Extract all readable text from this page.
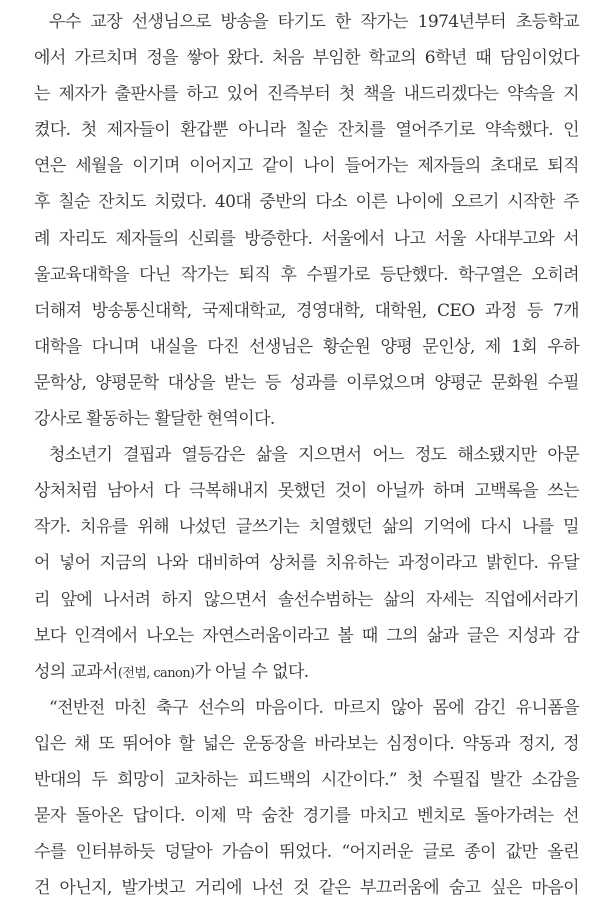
우수 교장 선생님으로 방송을 타기도 한 작가는 1974년부터 초등학교
에서 가르치며 정을 쌓아 왔다. 처음 부임한 학교의 6학년 때 담임이었다
는 제자가 출판사를 하고 있어 진즉부터 첫 책을 내드리겠다는 약속을 지
켰다. 첫 제자들이 환갑뿐 아니라 칠순 잔치를 열어주기로 약속했다. 인
연은 세월을 이기며 이어지고 같이 나이 들어가는 제자들의 초대로 퇴직
후 칠순 잔치도 치렀다. 40대 중반의 다소 이른 나이에 오르기 시작한 주
례 자리도 제자들의 신뢰를 방증한다. 서울에서 나고 서울 사대부고와 서
울교육대학을 다닌 작가는 퇴직 후 수필가로 등단했다. 학구열은 오히려
더해져 방송통신대학, 국제대학교, 경영대학, 대학원, CEO 과정 등 7개
대학을 다니며 내실을 다진 선생님은 황순원 양평 문인상, 제 1회 우하
문학상, 양평문학 대상을 받는 등 성과를 이루었으며 양평군 문화원 수필
강사로 활동하는 활달한 현역이다.
청소년기 결핍과 열등감은 삶을 지으면서 어느 정도 해소됐지만 아문
상처처럼 남아서 다 극복해내지 못했던 것이 아닐까 하며 고백록을 쓰는
작가. 치유를 위해 나섰던 글쓰기는 치열했던 삶의 기억에 다시 나를 밀
어 넣어 지금의 나와 대비하여 상처를 치유하는 과정이라고 밝힌다. 유달
리 앞에 나서려 하지 않으면서 솔선수범하는 삶의 자세는 직업에서라기
보다 인격에서 나오는 자연스러움이라고 볼 때 그의 삶과 글은 지성과 감
성의 교과서(전범, canon)가 아닐 수 없다.
“전반전 마친 축구 선수의 마음이다. 마르지 않아 몸에 감긴 유니폼을
입은 채 또 뛰어야 할 넓은 운동장을 바라보는 심정이다. 약동과 정지, 정
반대의 두 희망이 교차하는 피드백의 시간이다.” 첫 수필집 발간 소감을
묻자 돌아온 답이다. 이제 막 숨찬 경기를 마치고 벤치로 돌아가려는 선
수를 인터뷰하듯 덩달아 가슴이 뛰었다. “어지러운 글로 종이 값만 올린
건 아닌지, 발가벗고 거리에 나선 것 같은 부끄러움에 숨고 싶은 마음이
